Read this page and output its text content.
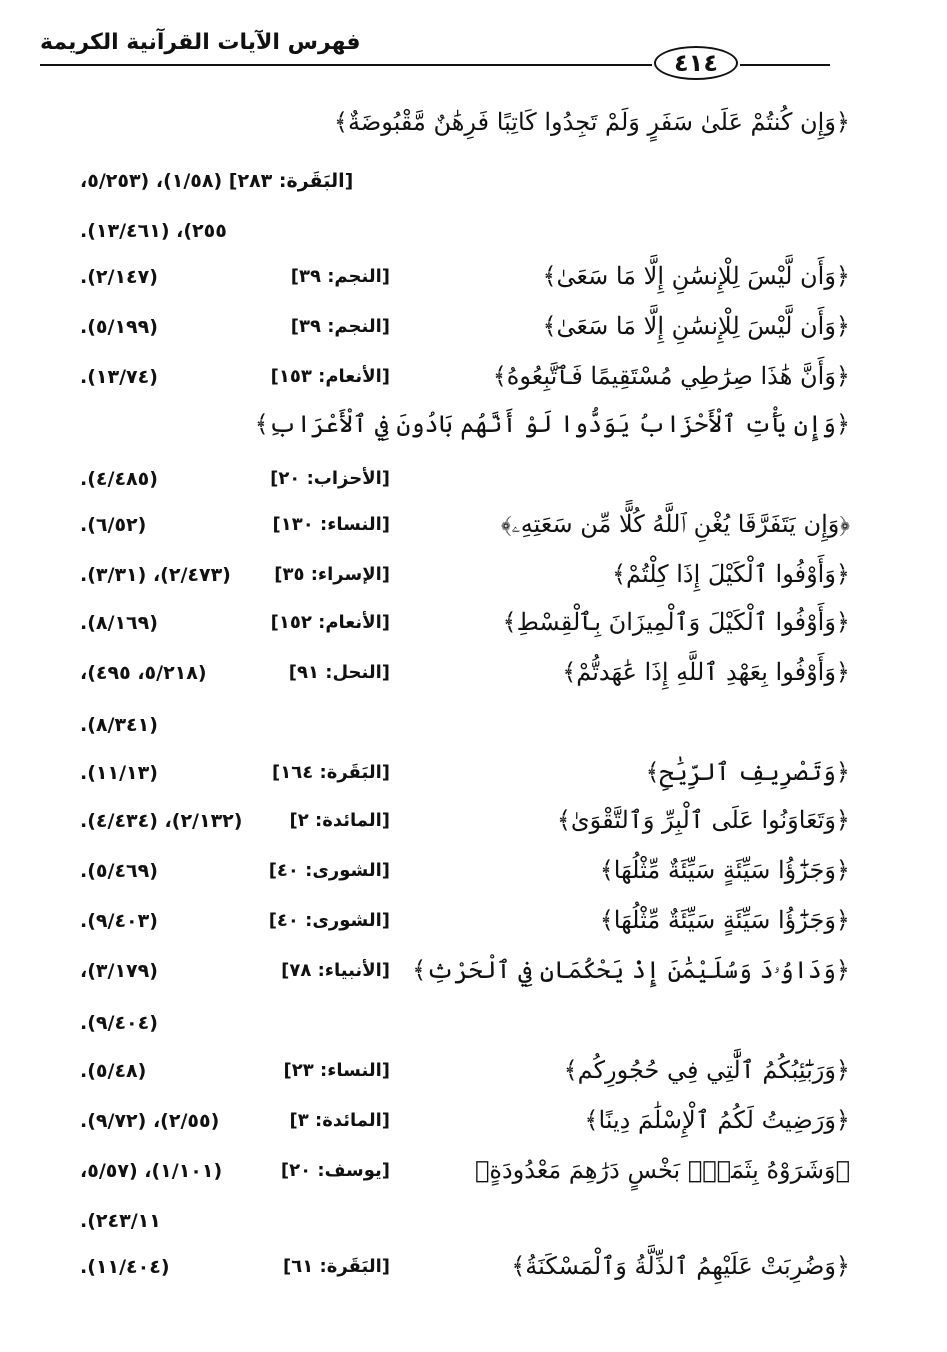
فهرس الآيات القرآنية الكريمة
٤١٤
﴿وَإِن كُنتُمْ عَلَىٰ سَفَرٍ وَلَمْ تَجِدُوا كَاتِبًا فَرِهَٰنٌ مَّقْبُوضَةٌ﴾
[البَقَرة: ٢٨٣] (١/٥٨)، (٥/٢٥٣،
٢٥٥)، (١٣/٤٦١).
﴿وَأَن لَّيْسَ لِلْإِنسَٰنِ إِلَّا مَا سَعَىٰ﴾
[النجم: ٣٩]
(٢/١٤٧).
﴿وَأَن لَّيْسَ لِلْإِنسَٰنِ إِلَّا مَا سَعَىٰ﴾
[النجم: ٣٩]
(٥/١٩٩).
﴿وَأَنَّ هَٰذَا صِرَٰطِي مُسْتَقِيمًا فَٱتَّبِعُوهُ﴾
[الأنعام: ١٥٣]
(١٣/٧٤).
﴿وَإِن يَأْتِ ٱلْأَحْزَابُ يَوَدُّوا لَوْ أَنَّهُم بَادُونَ فِي ٱلْأَعْرَابِ﴾
[الأحزاب: ٢٠]
(٤/٤٨٥).
﴿وَإِن يَتَفَرَّقَا يُغْنِ ٱللَّهُ كُلًّا مِّن سَعَتِهِۦ﴾
[النساء: ١٣٠]
(٦/٥٢).
﴿وَأَوْفُوا ٱلْكَيْلَ إِذَا كِلْتُمْ﴾
[الإسراء: ٣٥]
(٢/٤٧٣)، (٣/٣١).
﴿وَأَوْفُوا ٱلْكَيْلَ وَٱلْمِيزَانَ بِٱلْقِسْطِ﴾
[الأنعام: ١٥٢]
(٨/١٦٩).
﴿وَأَوْفُوا بِعَهْدِ ٱللَّهِ إِذَا عَٰهَدتُّمْ﴾
[النحل: ٩١]
(٥/٢١٨، ٤٩٥)،
(٨/٣٤١).
﴿وَتَصْرِيفِ ٱلرِّيَٰحِ﴾
[البَقَرة: ١٦٤]
(١١/١٣).
﴿وَتَعَاوَنُوا عَلَى ٱلْبِرِّ وَٱلتَّقْوَىٰ﴾
[المائدة: ٢]
(٢/١٣٢)، (٤/٤٣٤).
﴿وَجَزَٰٓؤُا سَيِّئَةٍ سَيِّئَةٌ مِّثْلُهَا﴾
[الشورى: ٤٠]
(٥/٤٦٩).
﴿وَجَزَٰٓؤُا سَيِّئَةٍ سَيِّئَةٌ مِّثْلُهَا﴾
[الشورى: ٤٠]
(٩/٤٠٣).
﴿وَدَاوُۥدَ وَسُلَيْمَٰنَ إِذْ يَحْكُمَانِ فِي ٱلْحَرْثِ﴾
[الأنبياء: ٧٨]
(٣/١٧٩)،
(٩/٤٠٤).
﴿وَرَبَٰٓئِبُكُمُ ٱلَّٰتِي فِي حُجُورِكُم﴾
[النساء: ٢٣]
(٥/٤٨).
﴿وَرَضِيتُ لَكُمُ ٱلْإِسْلَٰمَ دِينًا﴾
[المائدة: ٣]
(٢/٥٥)، (٩/٧٢).
﴿وَشَرَوْهُ بِثَمَنٍۭ بَخْسٍ دَرَٰهِمَ مَعْدُودَةٍ﴾
[يوسف: ٢٠]
(١/١٠١)، (٥/٥٧،
٢٤٣/١١).
﴿وَضُرِبَتْ عَلَيْهِمُ ٱلذِّلَّةُ وَٱلْمَسْكَنَةُ﴾
[البَقَرة: ٦١]
(١١/٤٠٤).
